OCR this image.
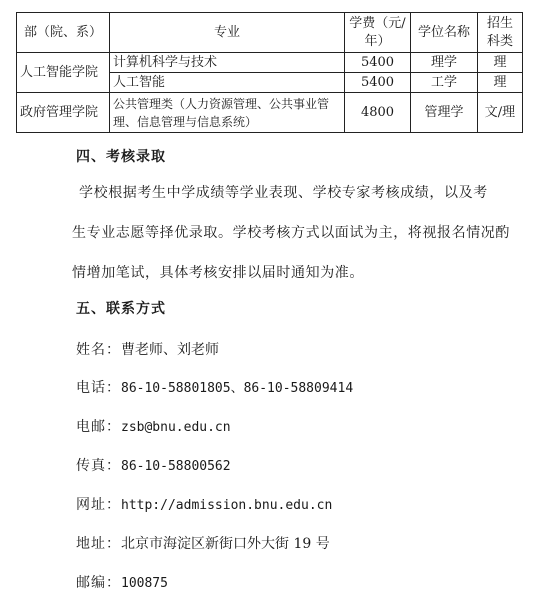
部（院、系）	专业	学费（元/年）	学位名称	招生科类
人工智能学院	计算机科学与技术	5400	理学	理
	人工智能	5400	工学	理
政府管理学院	公共管理类（人力资源管理、公共事业管理、信息管理与信息系统）	4800	管理学	文/理
四、考核录取
学校根据考生中学成绩等学业表现、学校专家考核成绩，以及考
生专业志愿等择优录取。学校考核方式以面试为主，将视报名情况酌
情增加笔试，具体考核安排以届时通知为准。
五、联系方式
姓名：曹老师、刘老师
电话：86-10-58801805、86-10-58809414
电邮：zsb@bnu.edu.cn
传真：86-10-58800562
网址：http://admission.bnu.edu.cn
地址：北京市海淀区新街口外大街 19 号
邮编：100875
